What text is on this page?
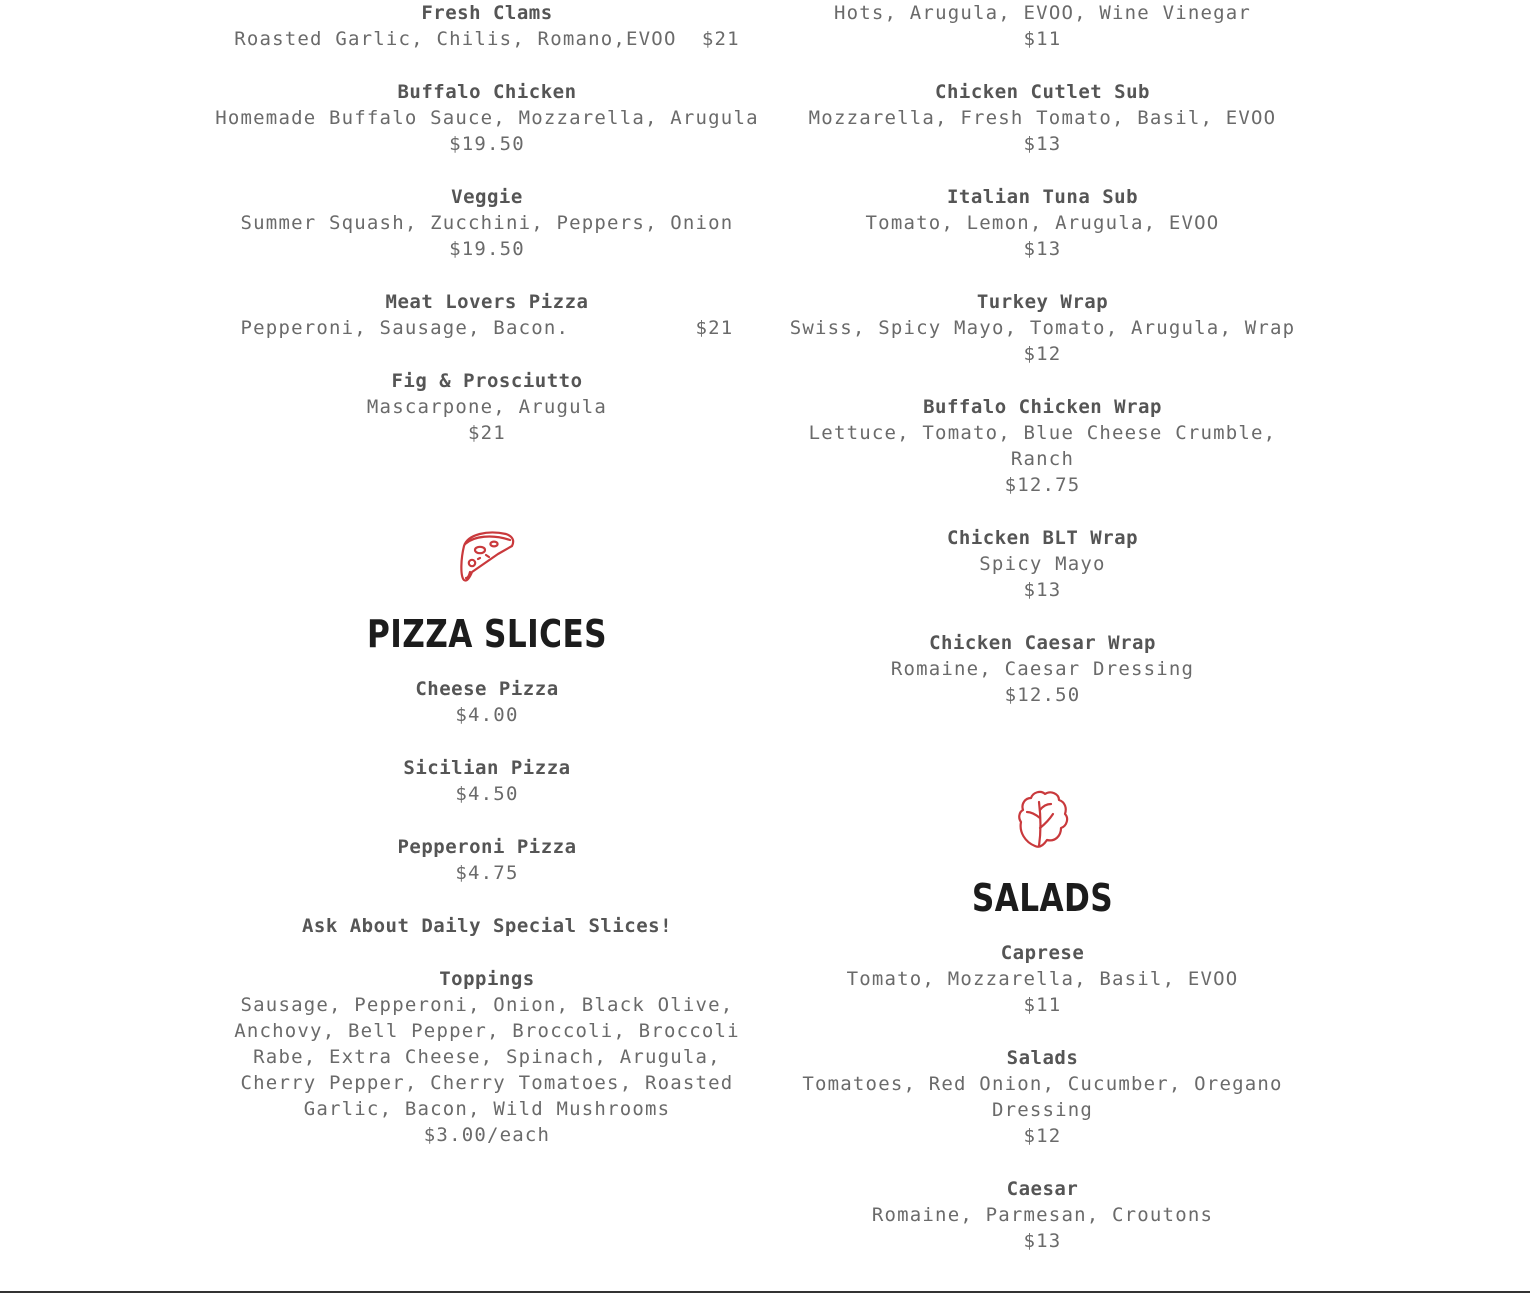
Fresh Clams
Roasted Garlic, Chilis, Romano,EVOO  $21
Buffalo Chicken
Homemade Buffalo Sauce, Mozzarella, Arugula
$19.50
Veggie
Summer Squash, Zucchini, Peppers, Onion
$19.50
Meat Lovers Pizza
Pepperoni, Sausage, Bacon.          $21
Fig & Prosciutto
Mascarpone, Arugula
$21
PIZZA SLICES
Cheese Pizza
$4.00
Sicilian Pizza
$4.50
Pepperoni Pizza
$4.75
Ask About Daily Special Slices!
Toppings
Sausage, Pepperoni, Onion, Black Olive, Anchovy, Bell Pepper, Broccoli, Broccoli Rabe, Extra Cheese, Spinach, Arugula, Cherry Pepper, Cherry Tomatoes, Roasted Garlic, Bacon, Wild Mushrooms
$3.00/each
Hots, Arugula, EVOO, Wine Vinegar
$11
Chicken Cutlet Sub
Mozzarella, Fresh Tomato, Basil, EVOO
$13
Italian Tuna Sub
Tomato, Lemon, Arugula, EVOO
$13
Turkey Wrap
Swiss, Spicy Mayo, Tomato, Arugula, Wrap
$12
Buffalo Chicken Wrap
Lettuce, Tomato, Blue Cheese Crumble, Ranch
$12.75
Chicken BLT Wrap
Spicy Mayo
$13
Chicken Caesar Wrap
Romaine, Caesar Dressing
$12.50
SALADS
Caprese
Tomato, Mozzarella, Basil, EVOO
$11
Salads
Tomatoes, Red Onion, Cucumber, Oregano Dressing
$12
Caesar
Romaine, Parmesan, Croutons
$13
